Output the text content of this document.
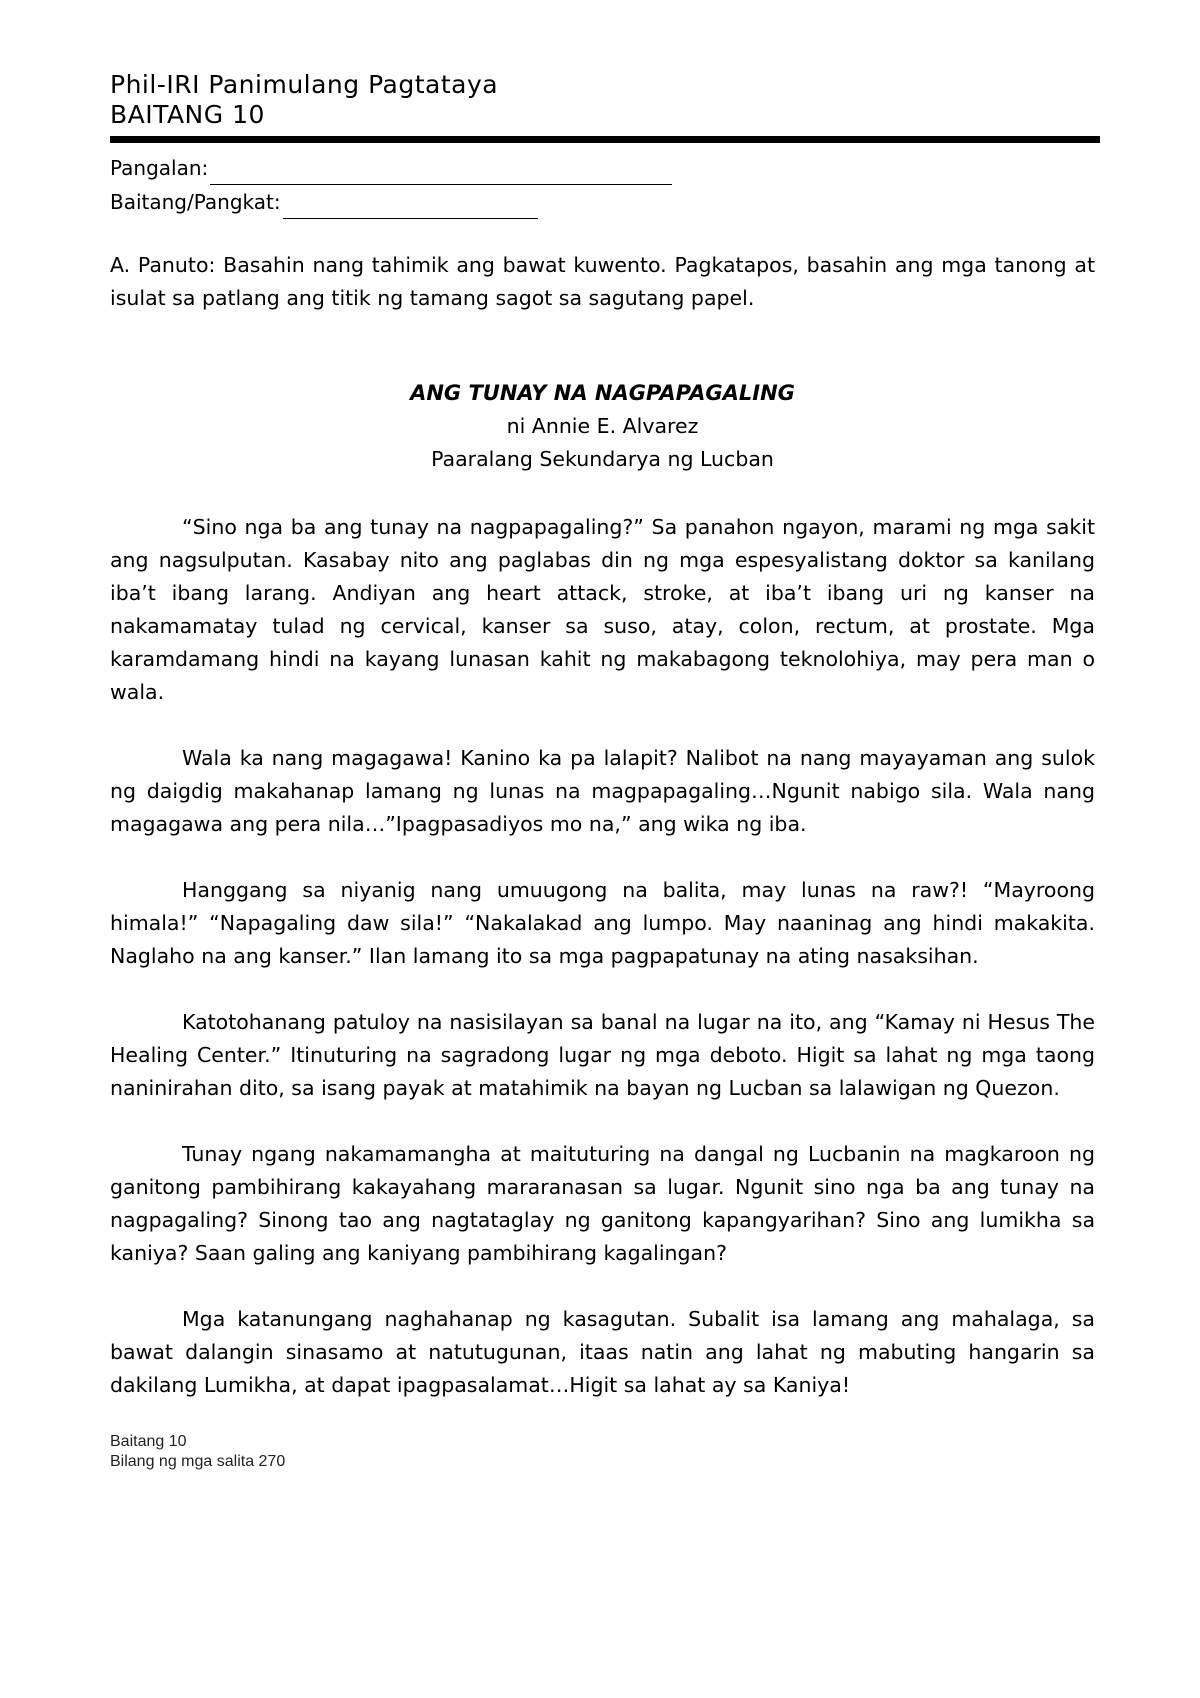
Phil-IRI Panimulang Pagtataya
BAITANG 10
Pangalan:
Baitang/Pangkat:
A. Panuto: Basahin nang tahimik ang bawat kuwento. Pagkatapos, basahin ang mga tanong at isulat sa patlang ang titik ng tamang sagot sa sagutang papel.
ANG TUNAY NA NAGPAPAGALING
ni Annie E. Alvarez
Paaralang Sekundarya ng Lucban

“Sino nga ba ang tunay na nagpapagaling?” Sa panahon ngayon, marami ng mga sakit ang nagsulputan. Kasabay nito ang paglabas din ng mga espesyalistang doktor sa kanilang iba’t ibang larang. Andiyan ang heart attack, stroke, at iba’t ibang uri ng kanser na nakamamatay tulad ng cervical, kanser sa suso, atay, colon, rectum, at prostate. Mga karamdamang hindi na kayang lunasan kahit ng makabagong teknolohiya, may pera man o wala.

Wala ka nang magagawa! Kanino ka pa lalapit? Nalibot na nang mayayaman ang sulok ng daigdig makahanap lamang ng lunas na magpapagaling…Ngunit nabigo sila. Wala nang magagawa ang pera nila…”Ipagpasadiyos mo na,” ang wika ng iba.

Hanggang sa niyanig nang umuugong na balita, may lunas na raw?! “Mayroong himala!” “Napagaling daw sila!” “Nakalakad ang lumpo. May naaninag ang hindi makakita. Naglaho na ang kanser.” Ilan lamang ito sa mga pagpapatunay na ating nasaksihan.

Katotohanang patuloy na nasisilayan sa banal na lugar na ito, ang “Kamay ni Hesus The Healing Center.” Itinuturing na sagradong lugar ng mga deboto. Higit sa lahat ng mga taong naninirahan dito, sa isang payak at matahimik na bayan ng Lucban sa lalawigan ng Quezon.

Tunay ngang nakamamangha at maituturing na dangal ng Lucbanin na magkaroon ng ganitong pambihirang kakayahang mararanasan sa lugar. Ngunit sino nga ba ang tunay na nagpagaling? Sinong tao ang nagtataglay ng ganitong kapangyarihan? Sino ang lumikha sa kaniya? Saan galing ang kaniyang pambihirang kagalingan?

Mga katanungang naghahanap ng kasagutan. Subalit isa lamang ang mahalaga, sa bawat dalangin sinasamo at natutugunan, itaas natin ang lahat ng mabuting hangarin sa dakilang Lumikha, at dapat ipagpasalamat…Higit sa lahat ay sa Kaniya!

Baitang 10
Bilang ng mga salita 270
